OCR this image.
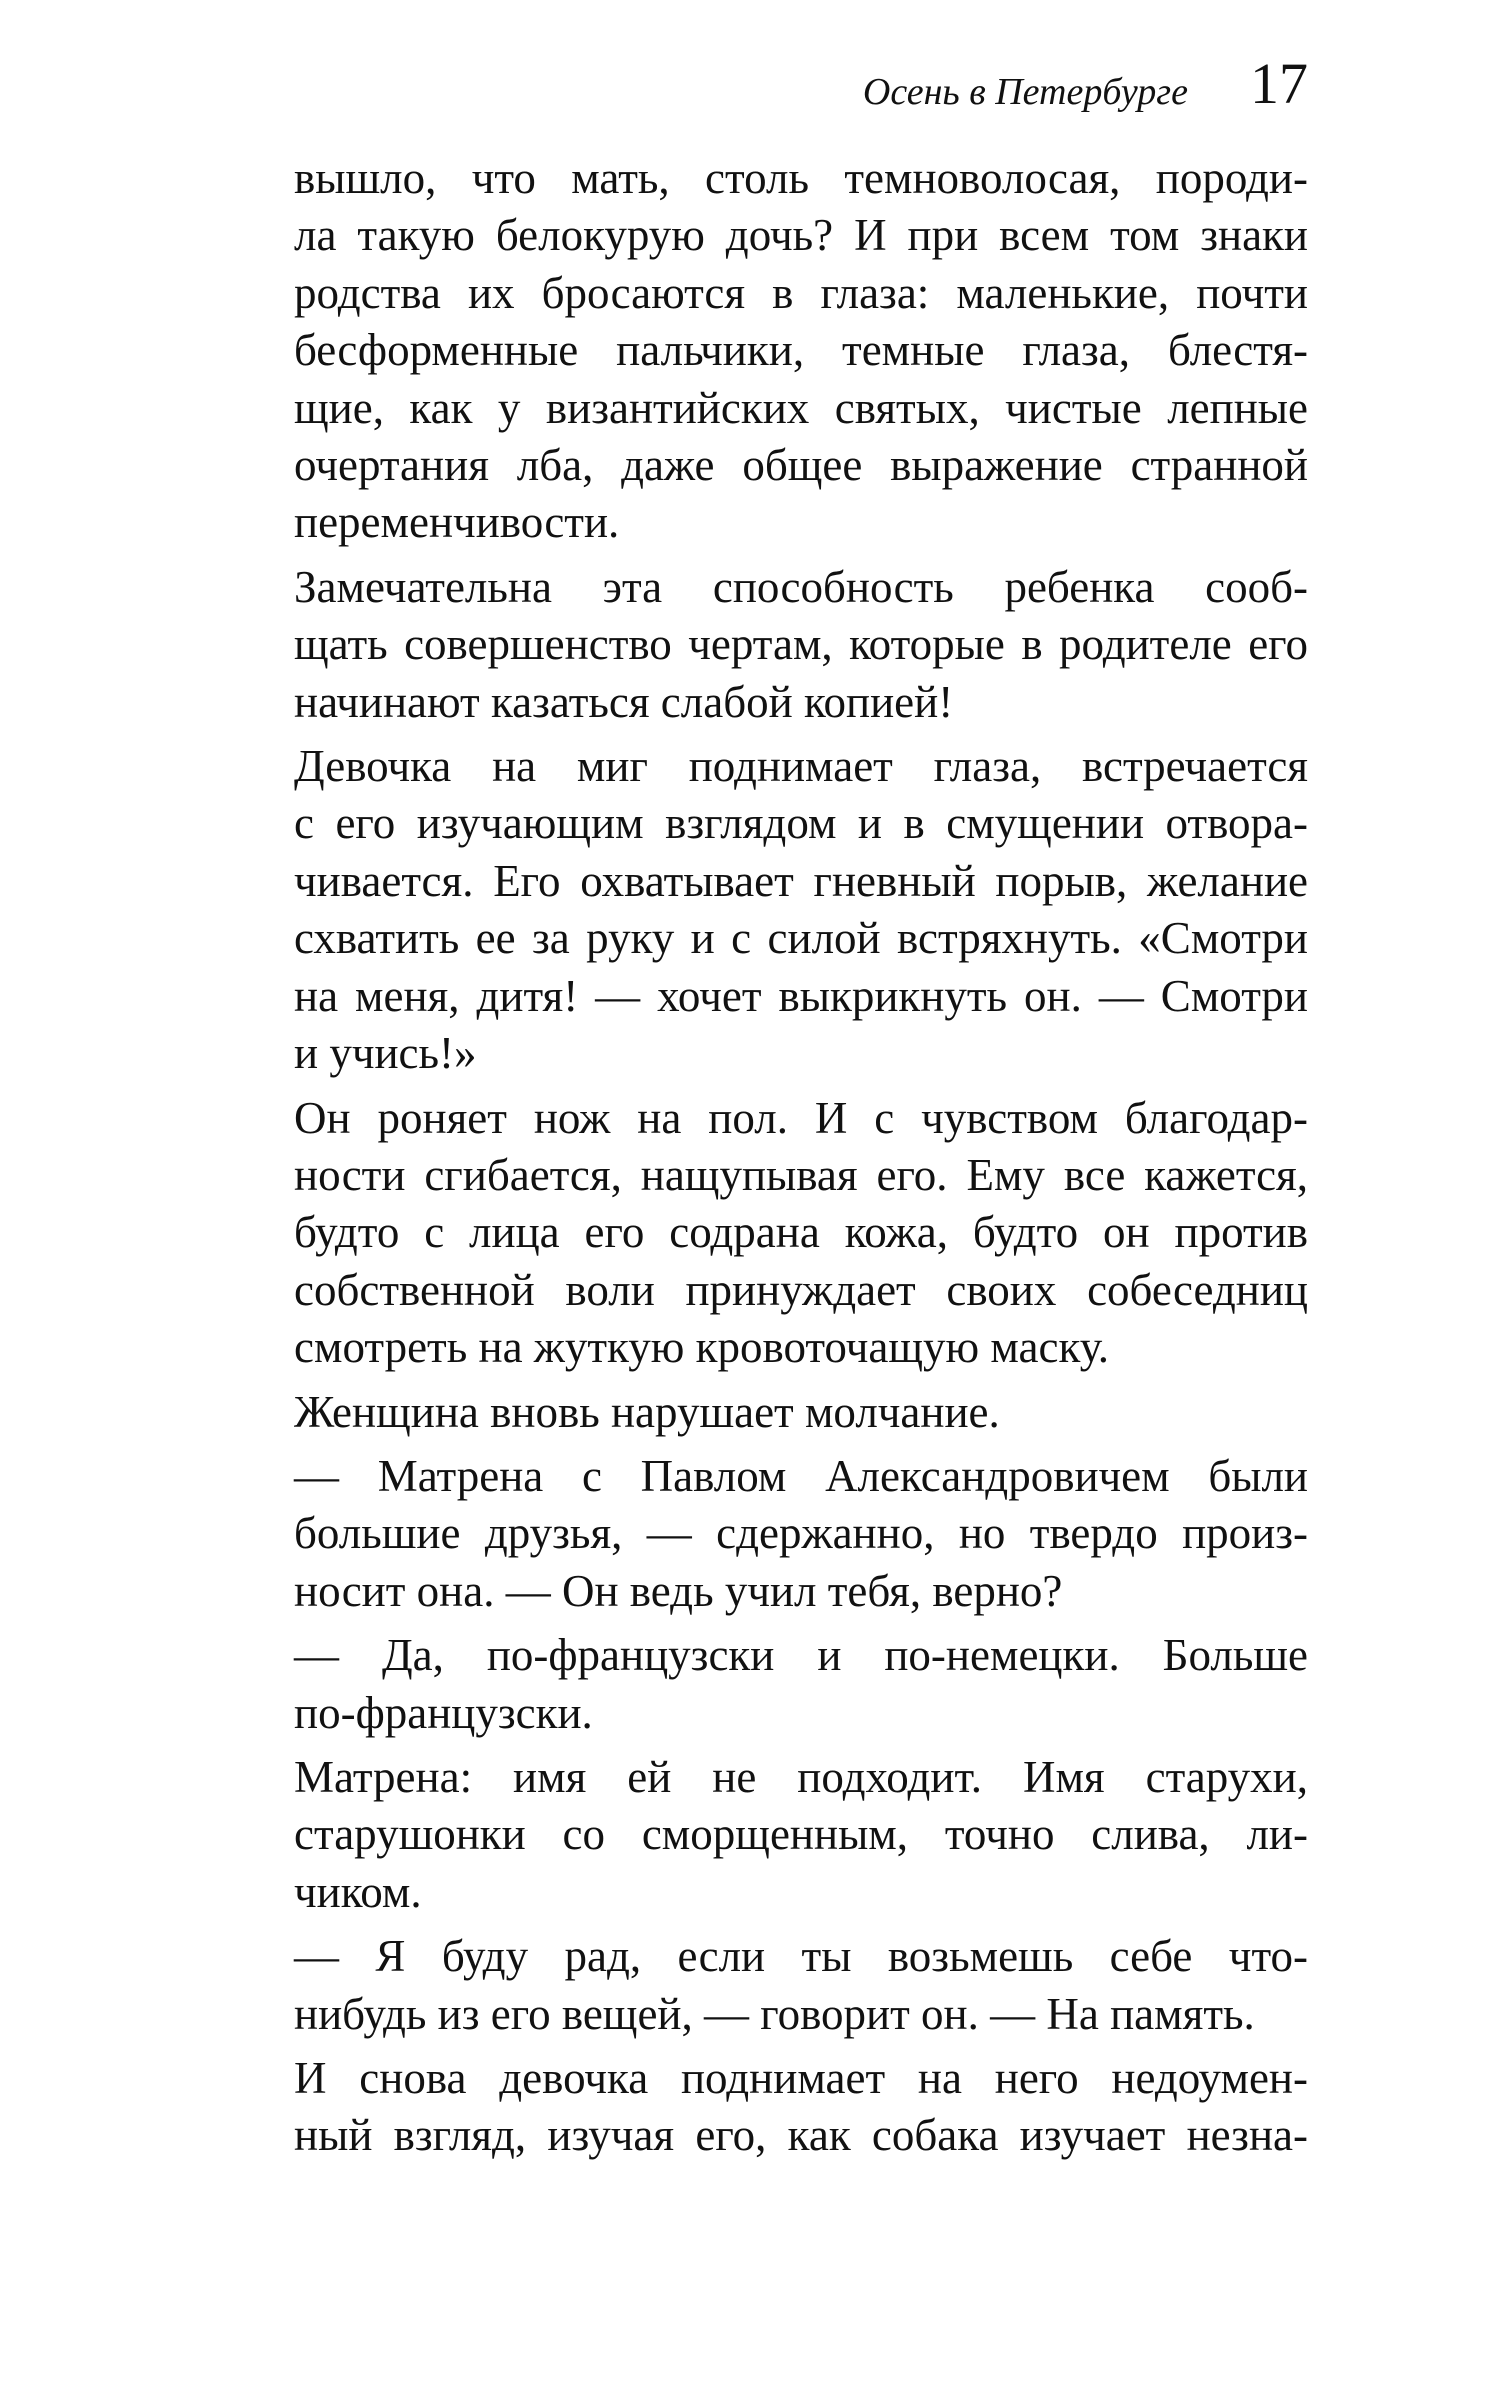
Осень в Петербурге 17

вышло, что мать, столь темноволосая, породи-
ла такую белокурую дочь? И при всем том знаки
родства их бросаются в глаза: маленькие, почти
бесформенные пальчики, темные глаза, блестя-
щие, как у византийских святых, чистые лепные
очертания лба, даже общее выражение странной
переменчивости.

Замечательна эта способность ребенка сооб-
щать совершенство чертам, которые в родителе его
начинают казаться слабой копией!

Девочка на миг поднимает глаза, встречается
с его изучающим взглядом и в смущении отвора-
чивается. Его охватывает гневный порыв, желание
схватить ее за руку и с силой встряхнуть. «Смотри
на меня, дитя! — хочет выкрикнуть он. — Смотри
и учись!»

Он роняет нож на пол. И с чувством благодар-
ности сгибается, нащупывая его. Ему все кажется,
будто с лица его содрана кожа, будто он против
собственной воли принуждает своих собеседниц
смотреть на жуткую кровоточащую маску.

Женщина вновь нарушает молчание.

— Матрена с Павлом Александровичем были
большие друзья, — сдержанно, но твердо произ-
носит она. — Он ведь учил тебя, верно?

— Да, по-французски и по-немецки. Больше
по-французски.

Матрена: имя ей не подходит. Имя старухи,
старушонки со сморщенным, точно слива, ли-
чиком.

— Я буду рад, если ты возьмешь себе что-
нибудь из его вещей, — говорит он. — На память.

И снова девочка поднимает на него недоумен-
ный взгляд, изучая его, как собака изучает незна-
